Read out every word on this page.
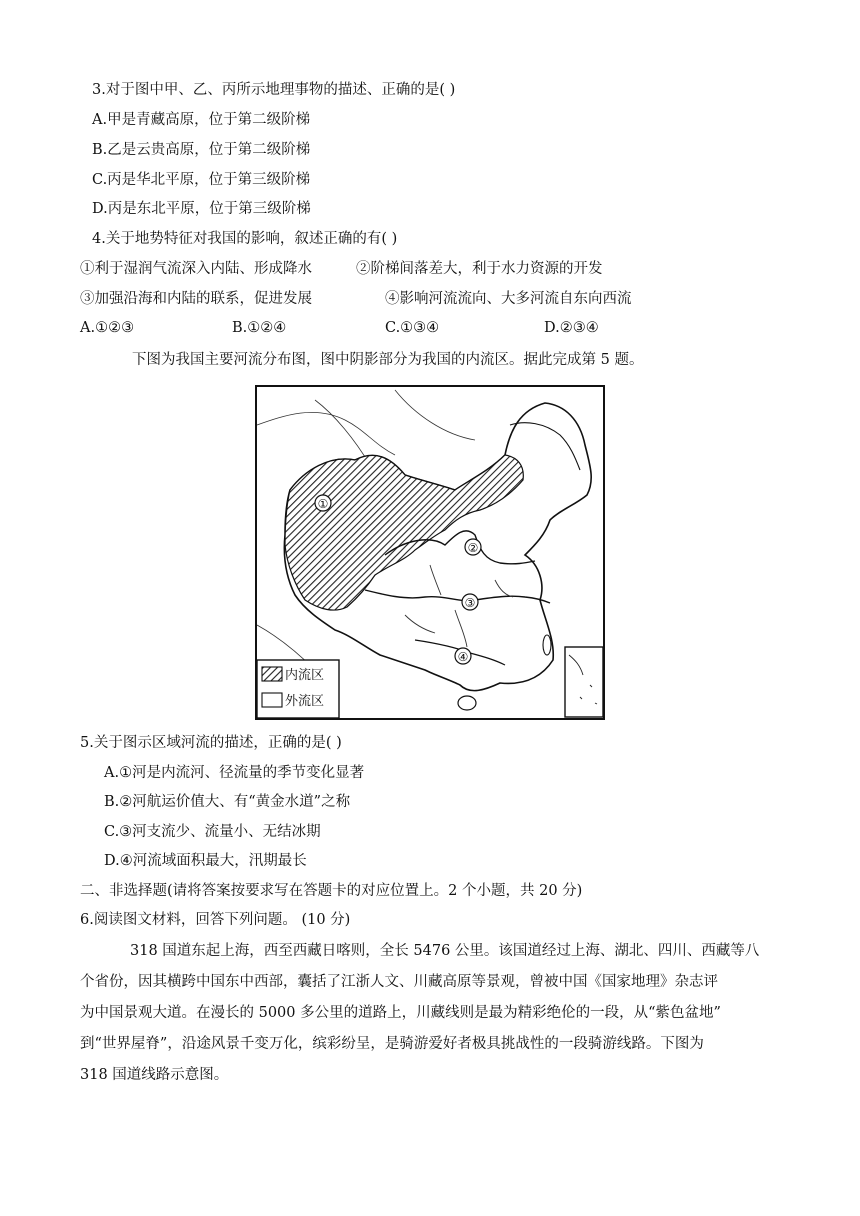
3.对于图中甲、乙、丙所示地理事物的描述、正确的是( )
A.甲是青藏高原，位于第二级阶梯
B.乙是云贵高原，位于第二级阶梯
C.丙是华北平原，位于第三级阶梯
D.丙是东北平原，位于第三级阶梯
4.关于地势特征对我国的影响，叙述正确的有( )
①利于湿润气流深入内陆、形成降水	②阶梯间落差大，利于水力资源的开发
③加强沿海和内陆的联系，促进发展	④影响河流流向、大多河流自东向西流
A.①②③	B.①②④	C.①③④	D.②③④
下图为我国主要河流分布图，图中阴影部分为我国的内流区。据此完成第 5 题。
①
②
③
④
内流区
外流区
5.关于图示区域河流的描述，正确的是( )
A.①河是内流河、径流量的季节变化显著
B.②河航运价值大、有“黄金水道”之称
C.③河支流少、流量小、无结冰期
D.④河流域面积最大，汛期最长
二、非选择题(请将答案按要求写在答题卡的对应位置上。2 个小题，共 20 分)
6.阅读图文材料，回答下列问题。 (10 分)
318 国道东起上海，西至西藏日喀则，全长 5476 公里。该国道经过上海、湖北、四川、西藏等八
个省份，因其横跨中国东中西部，囊括了江浙人文、川藏高原等景观，曾被中国《国家地理》杂志评
为中国景观大道。在漫长的 5000 多公里的道路上，川藏线则是最为精彩绝伦的一段，从“紫色盆地”
到“世界屋脊”，沿途风景千变万化，缤彩纷呈，是骑游爱好者极具挑战性的一段骑游线路。下图为
318 国道线路示意图。
